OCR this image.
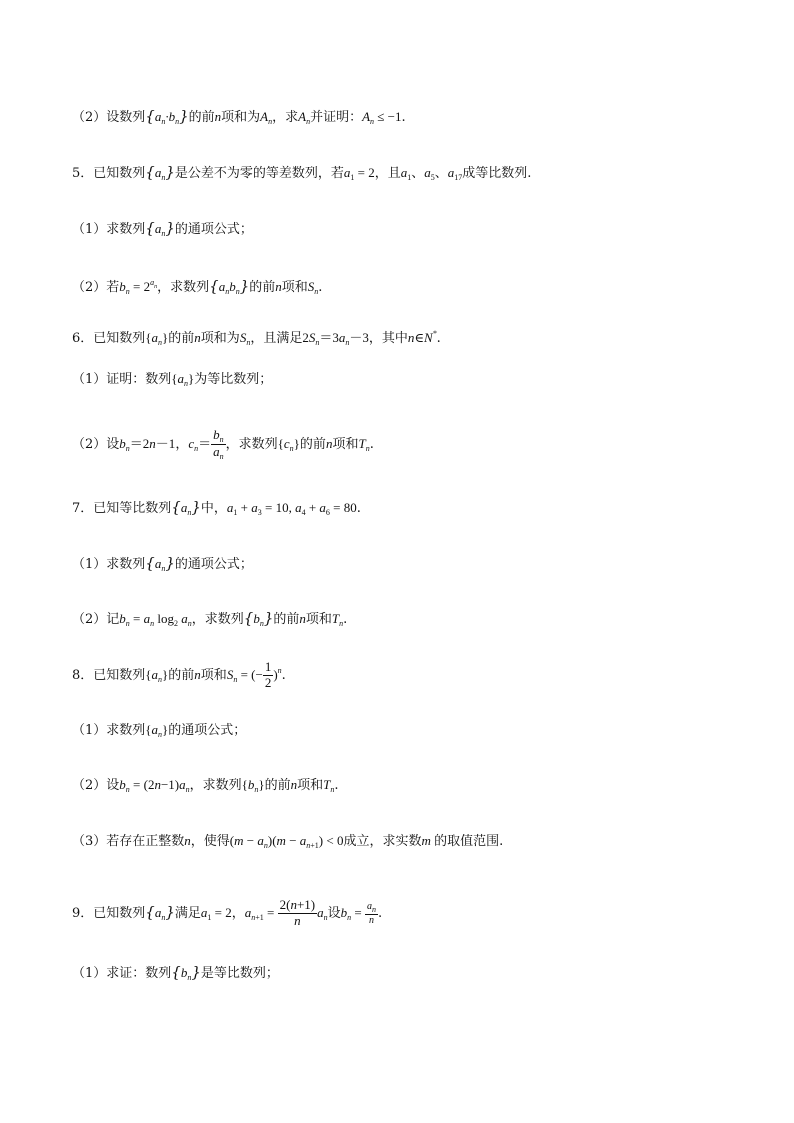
（2）设数列$\{a_n\cdot b_n\}$的前n项和为$A_n$，求$A_n$并证明：$A_n \le -1$.
5．已知数列$\{a_n\}$是公差不为零的等差数列，若$a_1 = 2$，且$a_1$、$a_5$、$a_{17}$成等比数列.
（1）求数列$\{a_n\}$的通项公式；
（2）若$b_n = 2^{a_n}$，求数列$\{a_nb_n\}$的前n项和$S_n$.
6．已知数列$\{a_n\}$的前n项和为$S_n$，且满足$2S_n=3a_n-3$，其中n∈N*.
（1）证明：数列$\{a_n\}$为等比数列；
（2）设$b_n=2n-1$，$c_n= \frac{b_n}{a_n}$ ，求数列$\{c_n\}$的前n项和$T_n$.
7．已知等比数列$\{a_n\}$中，$a_1 + a_3 = 10$, $a_4 + a_6 = 80$.
（1）求数列$\{a_n\}$的通项公式；
（2）记$b_n = a_n$ $\log_2 a_n$，求数列$\{b_n\}$的前n项和$T_n$.
8．已知数列$\{a_n\}$的前n项和$S_n$ = (− $\frac{1}{2} )^n$.
（1）求数列$\{a_n\}$的通项公式；
（2）设$b_n = (2n-1)a_n$，求数列$\{b_n\}$的前n项和$T_n$.
（3）若存在正整数n，使得$(m - a_n)(m - a_{n+1}) < 0$成立，求实数m 的取值范围.
9．已知数列$\{a_n\}$满足$a_1 = 2$，$a_{n+1} = \frac{2(n+1)}{n} a_n$设$b_n = \frac{a_n}{n}$ .
（1）求证：数列$\{b_n\}$是等比数列；
